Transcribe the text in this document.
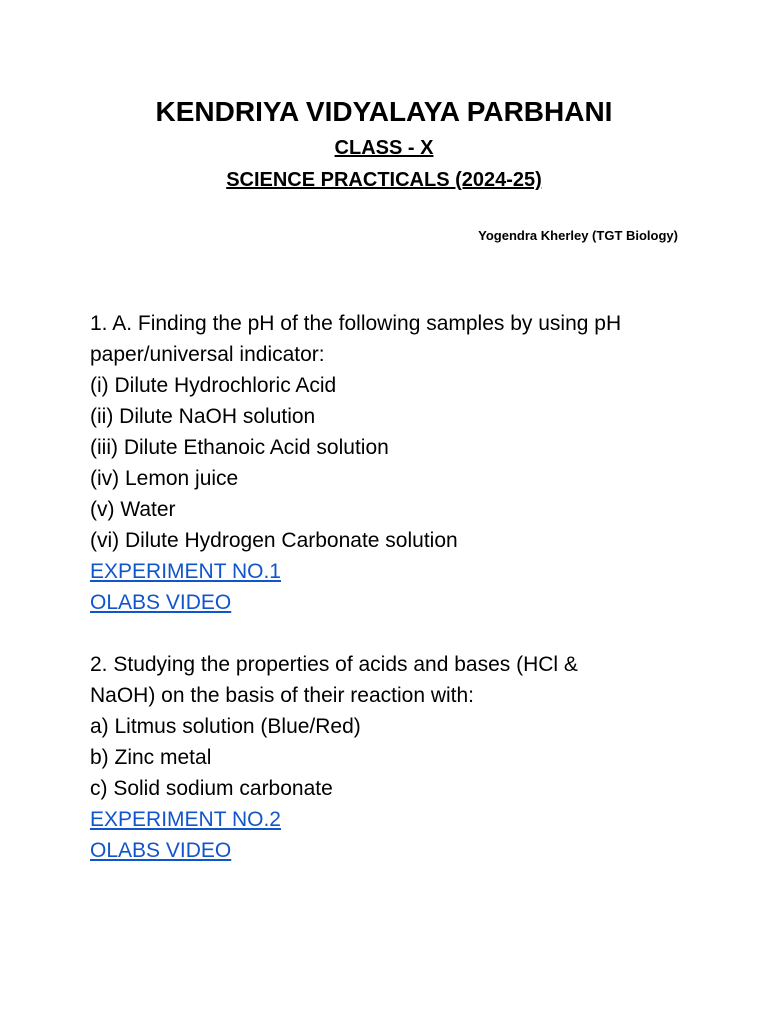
KENDRIYA VIDYALAYA PARBHANI
CLASS - X
SCIENCE PRACTICALS (2024-25)
Yogendra Kherley (TGT Biology)
1. A. Finding the pH of the following samples by using pH
paper/universal indicator:
(i) Dilute Hydrochloric Acid
(ii) Dilute NaOH solution
(iii) Dilute Ethanoic Acid solution
(iv) Lemon juice
(v) Water
(vi) Dilute Hydrogen Carbonate solution
EXPERIMENT NO.1
OLABS VIDEO
2. Studying the properties of acids and bases (HCl &
NaOH) on the basis of their reaction with:
a) Litmus solution (Blue/Red)
b) Zinc metal
c) Solid sodium carbonate
EXPERIMENT NO.2
OLABS VIDEO
